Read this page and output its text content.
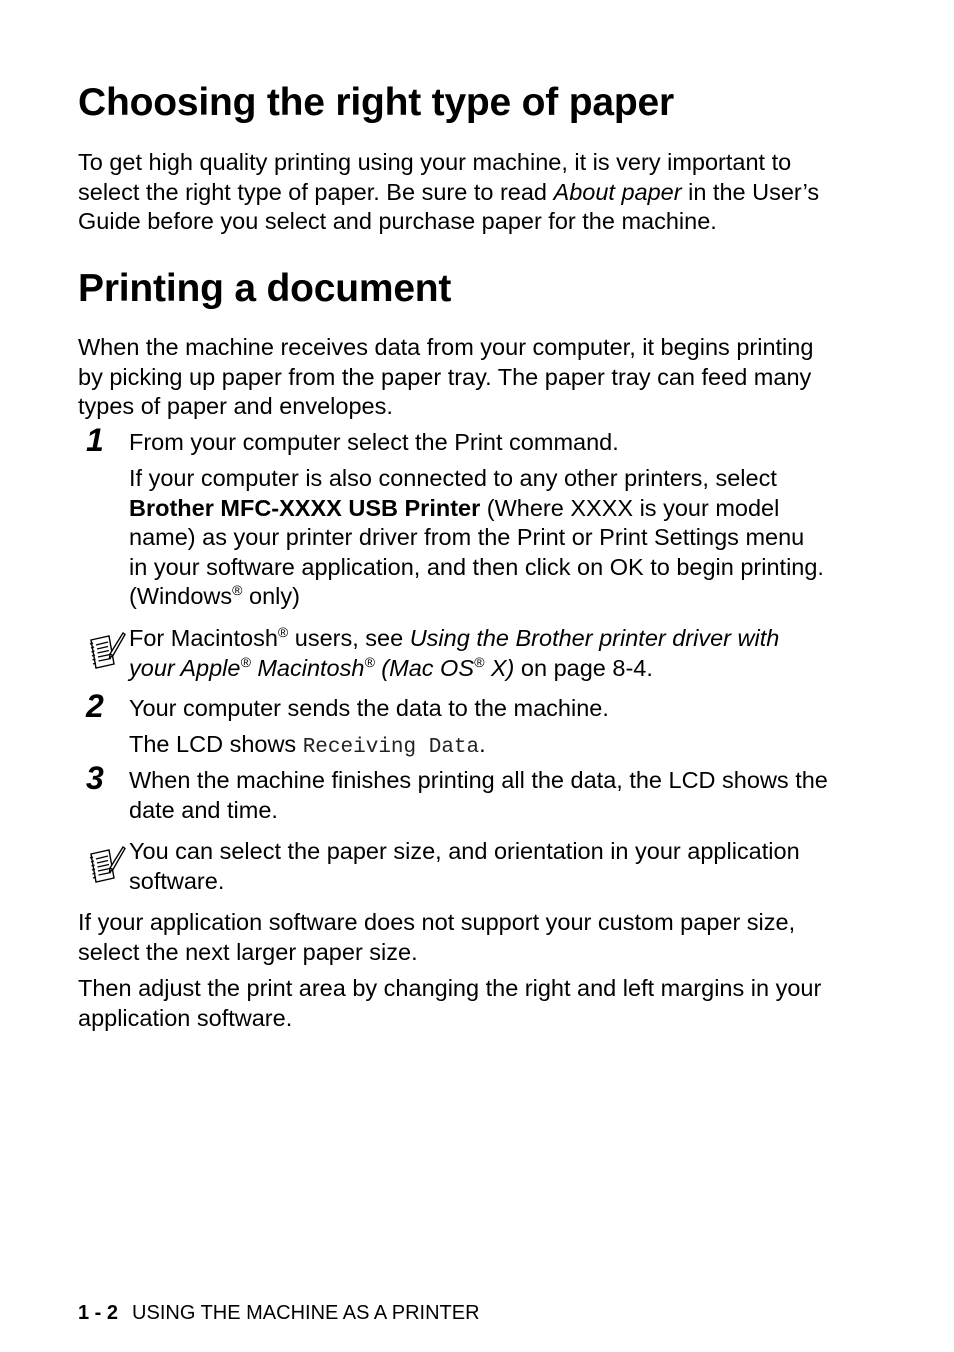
Choosing the right type of paper

To get high quality printing using your machine, it is very important to select the right type of paper. Be sure to read About paper in the User’s Guide before you select and purchase paper for the machine.

Printing a document

When the machine receives data from your computer, it begins printing by picking up paper from the paper tray. The paper tray can feed many types of paper and envelopes.

1 From your computer select the Print command.

If your computer is also connected to any other printers, select Brother MFC-XXXX USB Printer (Where XXXX is your model name) as your printer driver from the Print or Print Settings menu in your software application, and then click on OK to begin printing. (Windows® only)

For Macintosh® users, see Using the Brother printer driver with your Apple® Macintosh® (Mac OS® X) on page 8-4.

2 Your computer sends the data to the machine.

The LCD shows Receiving Data.

3 When the machine finishes printing all the data, the LCD shows the date and time.

You can select the paper size, and orientation in your application software.

If your application software does not support your custom paper size, select the next larger paper size.

Then adjust the print area by changing the right and left margins in your application software.

1 - 2 USING THE MACHINE AS A PRINTER
